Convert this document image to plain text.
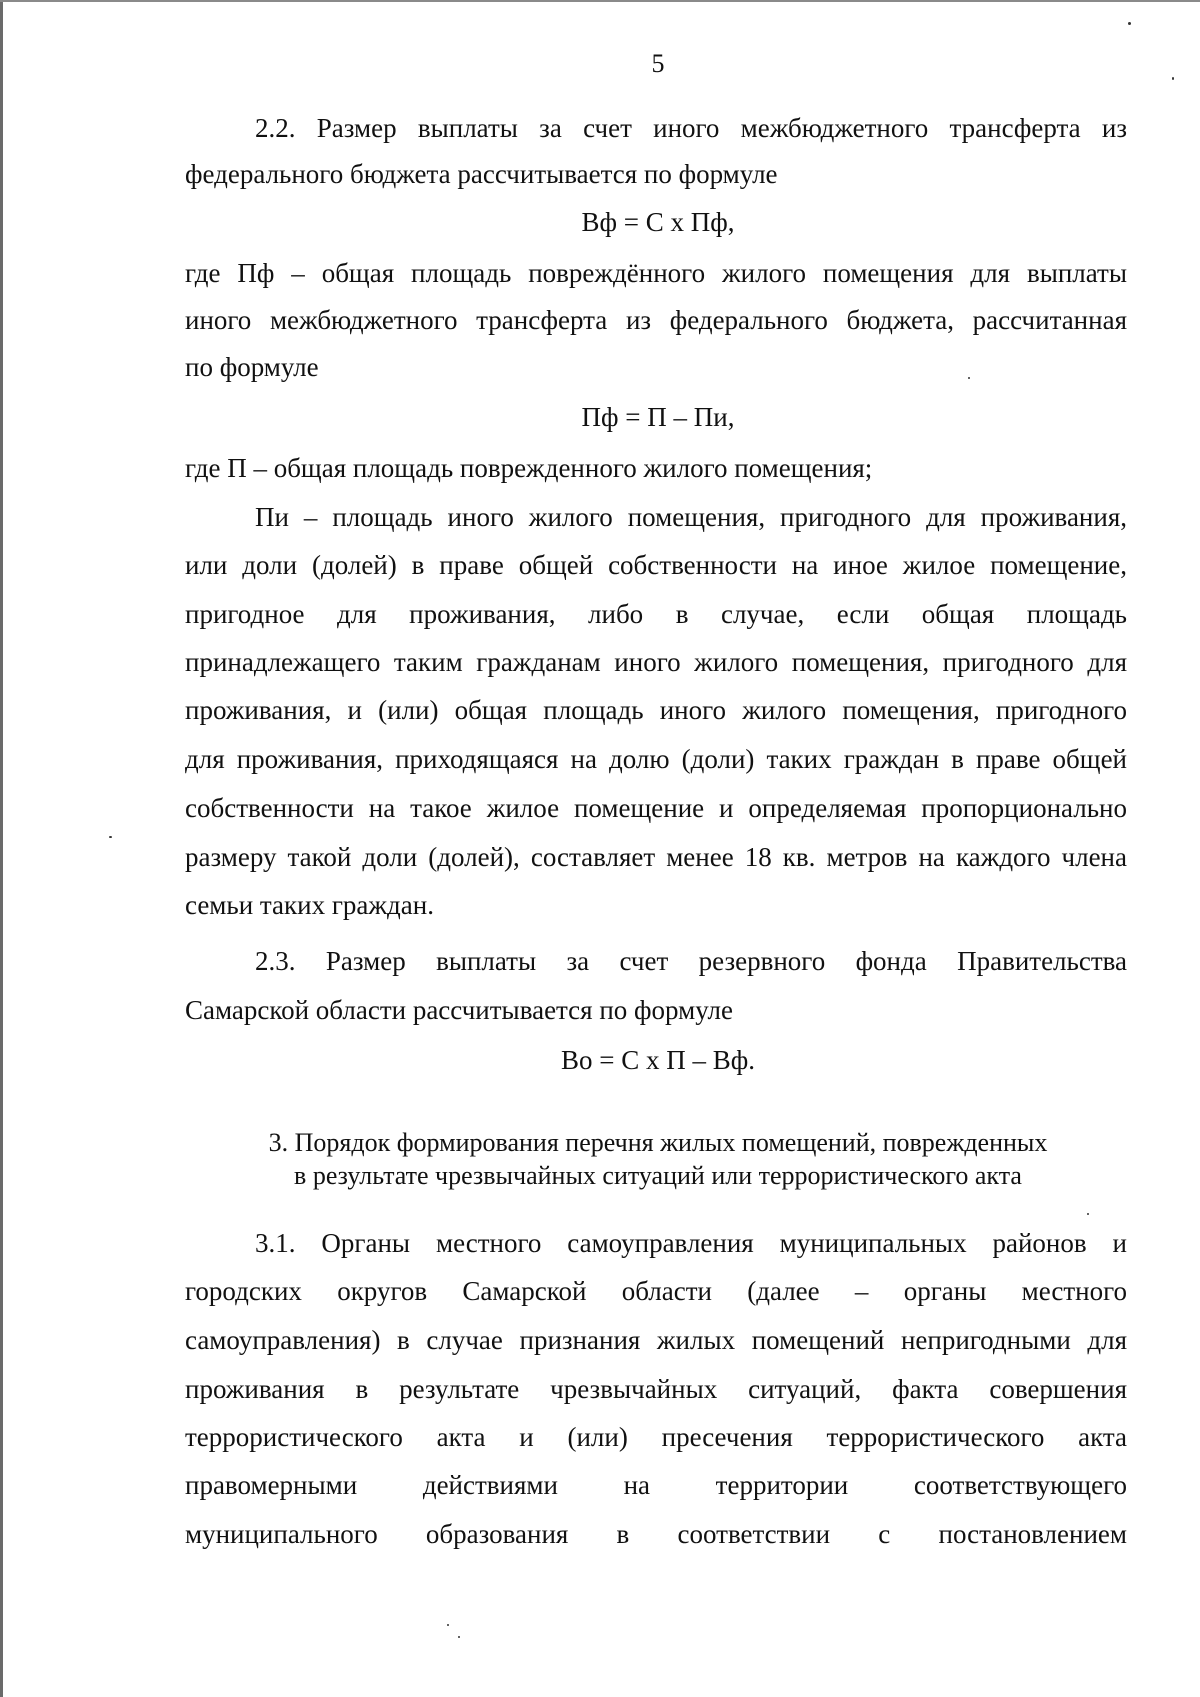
5
2.2. Размер выплаты за счет иного межбюджетного трансферта из
федерального бюджета рассчитывается по формуле
Вф = С х Пф,
где Пф – общая площадь повреждённого жилого помещения для выплаты
иного межбюджетного трансферта из федерального бюджета, рассчитанная
по формуле
Пф = П – Пи,
где П – общая площадь поврежденного жилого помещения;
Пи – площадь иного жилого помещения, пригодного для проживания,
или доли (долей) в праве общей собственности на иное жилое помещение,
пригодное для проживания, либо в случае, если общая площадь
принадлежащего таким гражданам иного жилого помещения, пригодного для
проживания, и (или) общая площадь иного жилого помещения, пригодного
для проживания, приходящаяся на долю (доли) таких граждан в праве общей
собственности на такое жилое помещение и определяемая пропорционально
размеру такой доли (долей), составляет менее 18 кв. метров на каждого члена
семьи таких граждан.
2.3. Размер выплаты за счет резервного фонда Правительства
Самарской области рассчитывается по формуле
Во = С х П – Вф.
3. Порядок формирования перечня жилых помещений, поврежденных
в результате чрезвычайных ситуаций или террористического акта
3.1. Органы местного самоуправления муниципальных районов и
городских округов Самарской области (далее – органы местного
самоуправления) в случае признания жилых помещений непригодными для
проживания в результате чрезвычайных ситуаций, факта совершения
террористического акта и (или) пресечения террористического акта
правомерными действиями на территории соответствующего
муниципального образования в соответствии с постановлением
